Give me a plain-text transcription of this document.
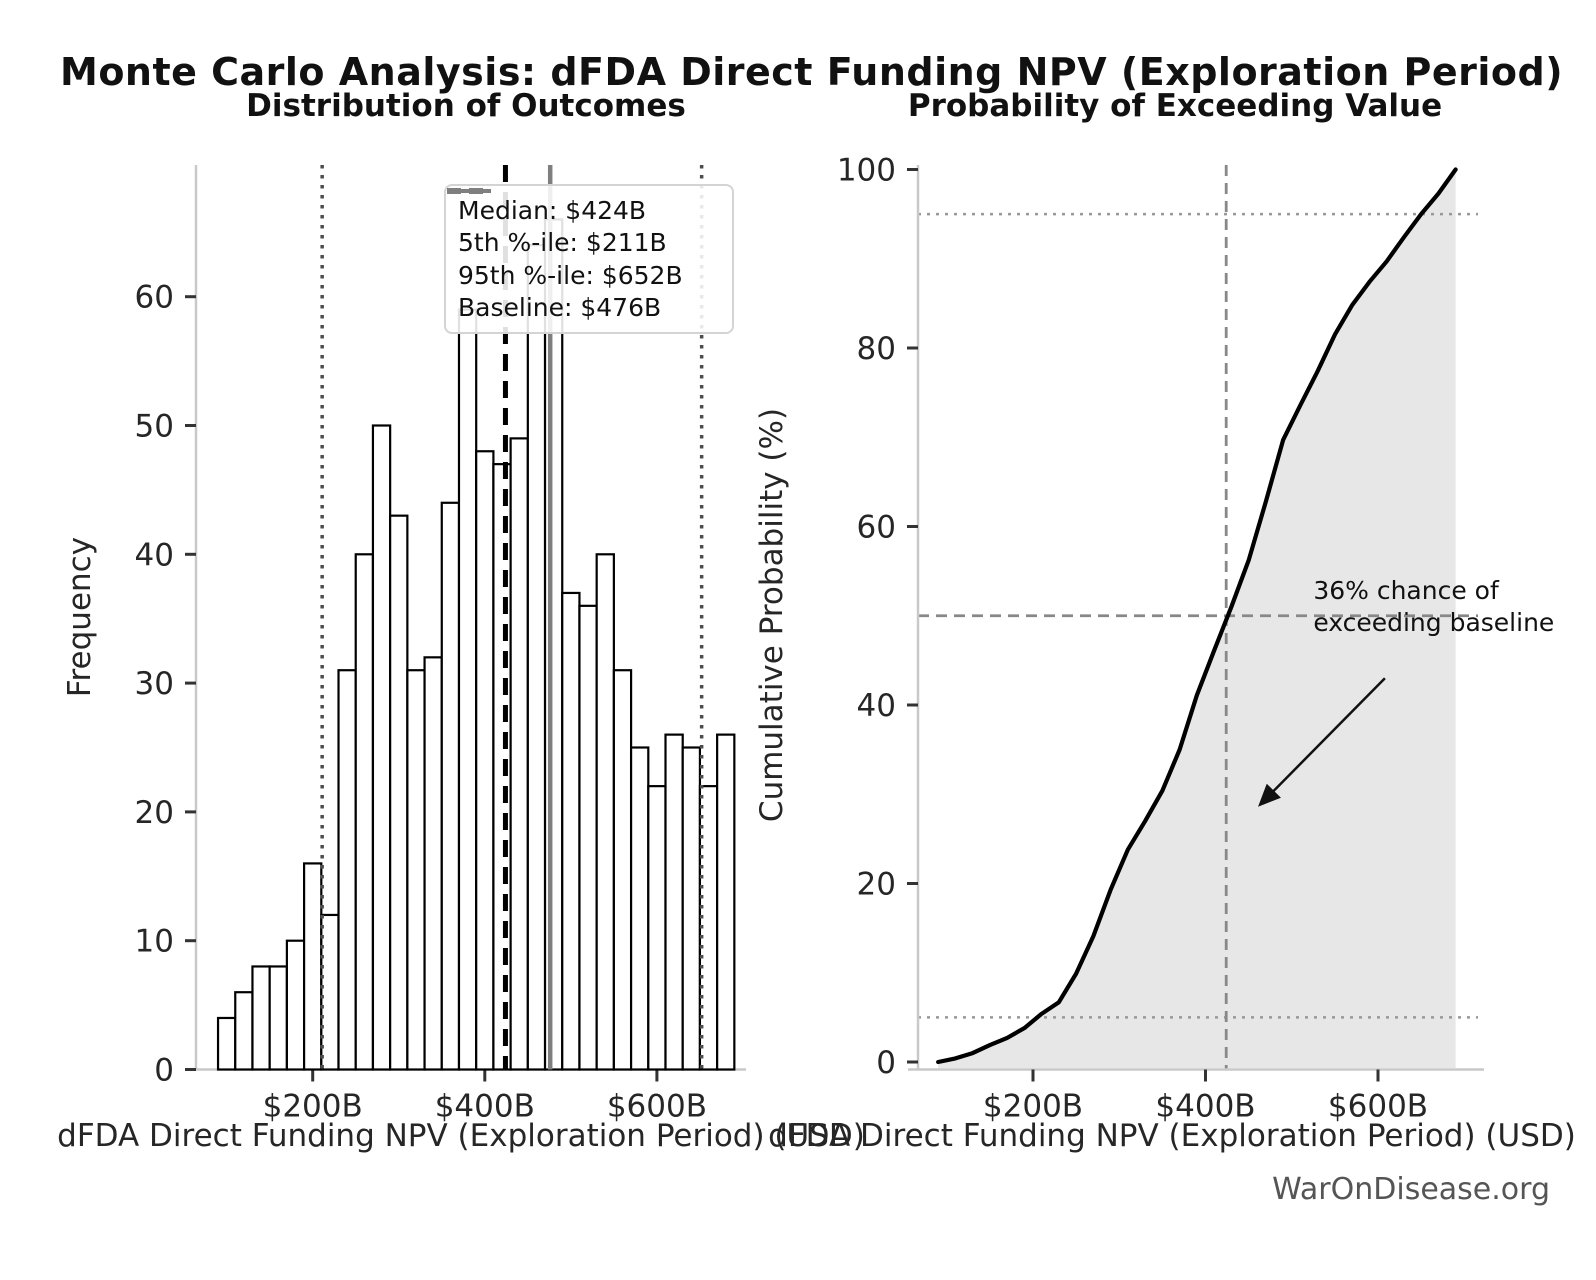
0
10
20
30
40
50
60
$200B $400B $600B
0
20
40
60
80
100
$200B $400B $600B
Monte Carlo Analysis: dFDA Direct Funding NPV (Exploration Period)
Distribution of Outcomes	Probability of Exceeding Value
Frequency	Cumulative Probability (%)
dFDA Direct Funding NPV (Exploration Period) (USD)
dFDA Direct Funding NPV (Exploration Period) (USD)
Median: $424B
5th %-ile: $211B
95th %-ile: $652B
Baseline: $476B
36% chance of
exceeding baseline
WarOnDisease.org
